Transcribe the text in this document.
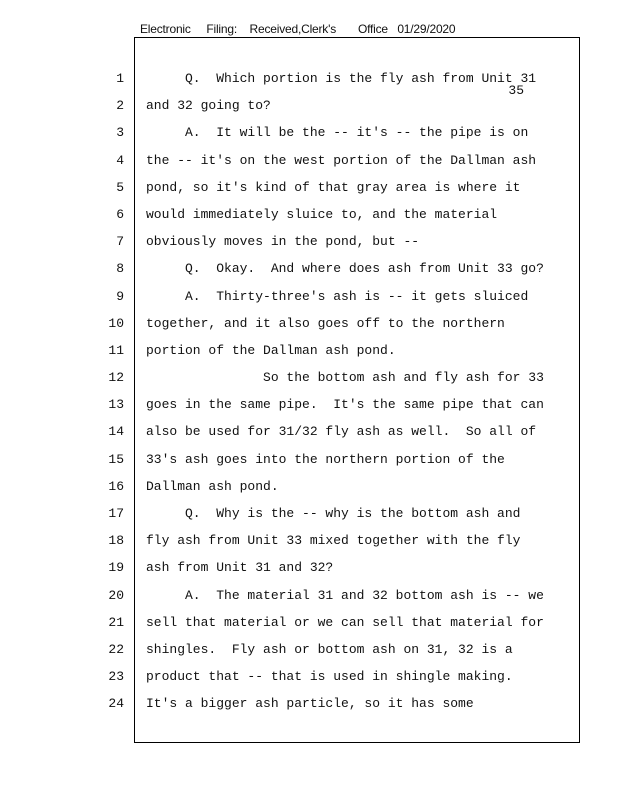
Electronic Filing: Received,Clerk's Office 01/29/2020
35
1
2
3
4
5
6
7
8
9
10
11
12
13
14
15
16
17
18
19
20
21
22
23
24
Q.  Which portion is the fly ash from Unit 31
and 32 going to?
A.  It will be the -- it's -- the pipe is on
the -- it's on the west portion of the Dallman ash
pond, so it's kind of that gray area is where it
would immediately sluice to, and the material
obviously moves in the pond, but --
Q.  Okay.  And where does ash from Unit 33 go?
A.  Thirty-three's ash is -- it gets sluiced
together, and it also goes off to the northern
portion of the Dallman ash pond.
So the bottom ash and fly ash for 33
goes in the same pipe.  It's the same pipe that can
also be used for 31/32 fly ash as well.  So all of
33's ash goes into the northern portion of the
Dallman ash pond.
Q.  Why is the -- why is the bottom ash and
fly ash from Unit 33 mixed together with the fly
ash from Unit 31 and 32?
A.  The material 31 and 32 bottom ash is -- we
sell that material or we can sell that material for
shingles.  Fly ash or bottom ash on 31, 32 is a
product that -- that is used in shingle making.
It's a bigger ash particle, so it has some
